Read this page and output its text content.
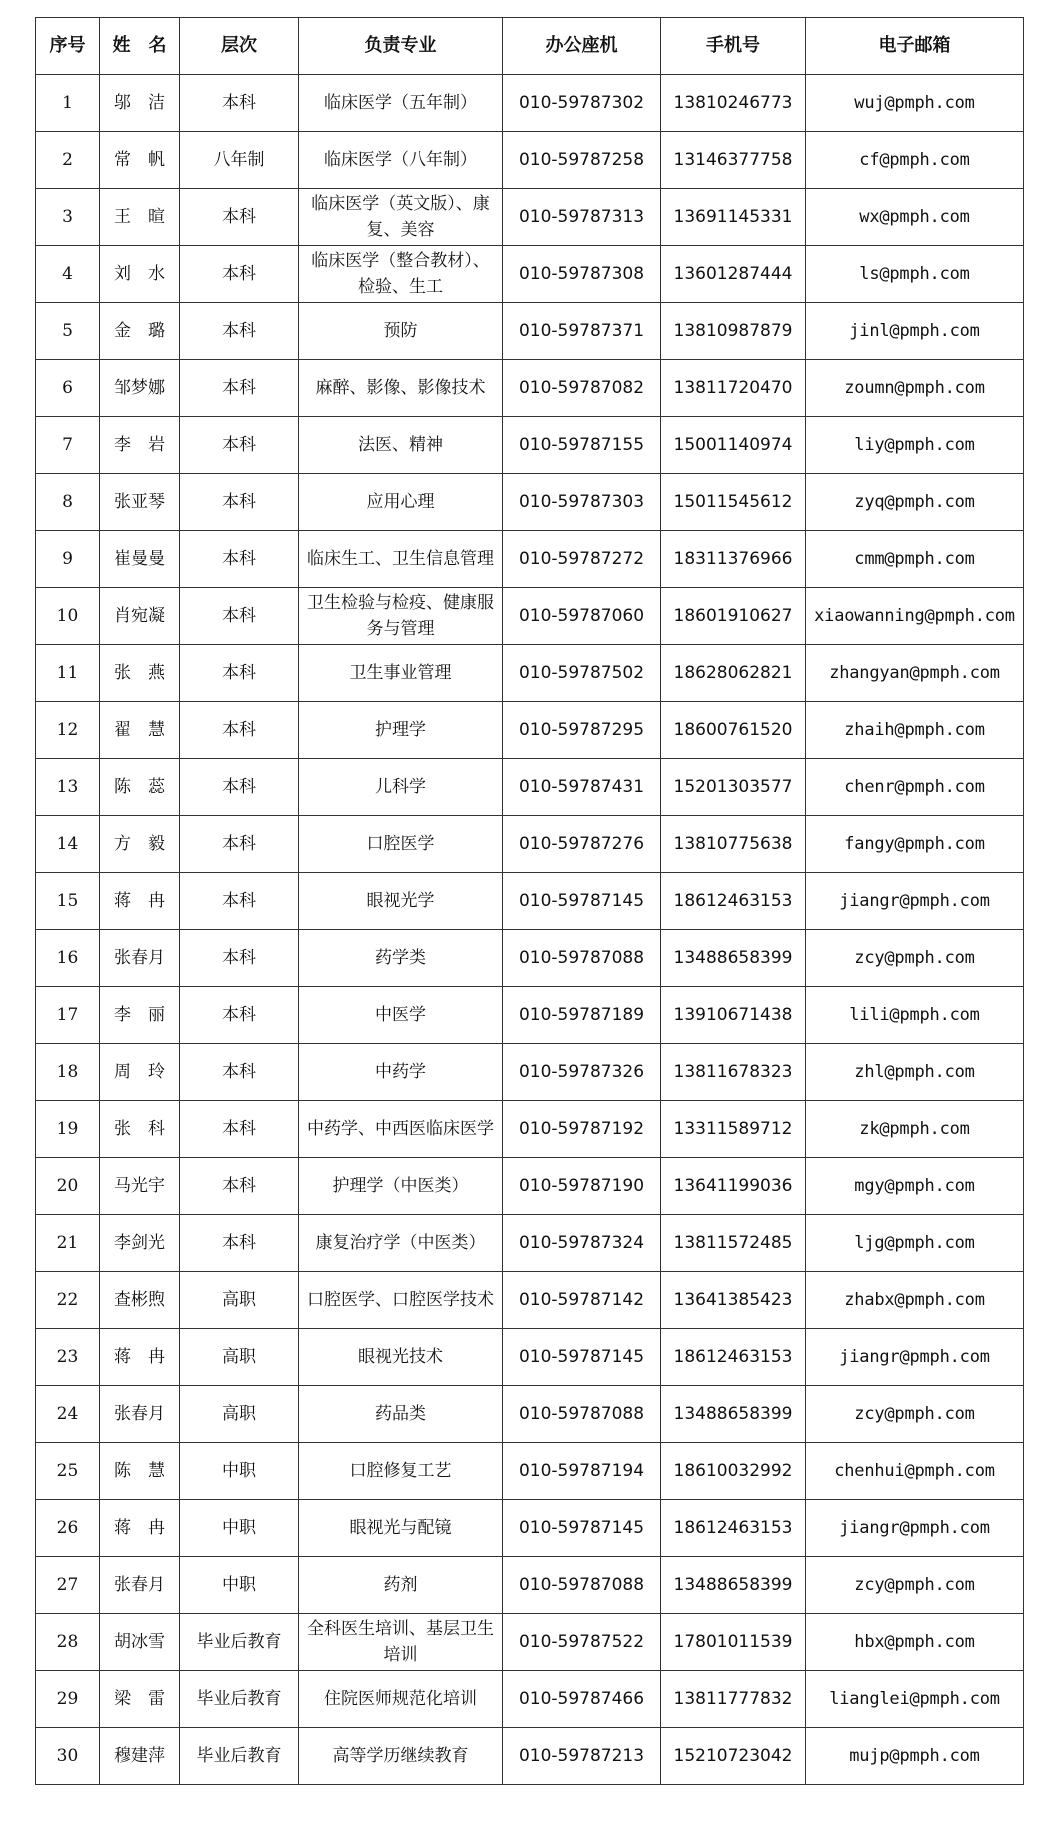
序号	姓　名	层次	负责专业	办公座机	手机号	电子邮箱
1	邬　洁	本科	临床医学（五年制）	010-59787302	13810246773	wuj@pmph.com
2	常　帆	八年制	临床医学（八年制）	010-59787258	13146377758	cf@pmph.com
3	王　暄	本科	临床医学（英文版）、康复、美容	010-59787313	13691145331	wx@pmph.com
4	刘　水	本科	临床医学（整合教材）、检验、生工	010-59787308	13601287444	ls@pmph.com
5	金　璐	本科	预防	010-59787371	13810987879	jinl@pmph.com
6	邹梦娜	本科	麻醉、影像、影像技术	010-59787082	13811720470	zoumn@pmph.com
7	李　岩	本科	法医、精神	010-59787155	15001140974	liy@pmph.com
8	张亚琴	本科	应用心理	010-59787303	15011545612	zyq@pmph.com
9	崔曼曼	本科	临床生工、卫生信息管理	010-59787272	18311376966	cmm@pmph.com
10	肖宛凝	本科	卫生检验与检疫、健康服务与管理	010-59787060	18601910627	xiaowanning@pmph.com
11	张　燕	本科	卫生事业管理	010-59787502	18628062821	zhangyan@pmph.com
12	翟　慧	本科	护理学	010-59787295	18600761520	zhaih@pmph.com
13	陈　蕊	本科	儿科学	010-59787431	15201303577	chenr@pmph.com
14	方　毅	本科	口腔医学	010-59787276	13810775638	fangy@pmph.com
15	蒋　冉	本科	眼视光学	010-59787145	18612463153	jiangr@pmph.com
16	张春月	本科	药学类	010-59787088	13488658399	zcy@pmph.com
17	李　丽	本科	中医学	010-59787189	13910671438	lili@pmph.com
18	周　玲	本科	中药学	010-59787326	13811678323	zhl@pmph.com
19	张　科	本科	中药学、中西医临床医学	010-59787192	13311589712	zk@pmph.com
20	马光宇	本科	护理学（中医类）	010-59787190	13641199036	mgy@pmph.com
21	李剑光	本科	康复治疗学（中医类）	010-59787324	13811572485	ljg@pmph.com
22	查彬煦	高职	口腔医学、口腔医学技术	010-59787142	13641385423	zhabx@pmph.com
23	蒋　冉	高职	眼视光技术	010-59787145	18612463153	jiangr@pmph.com
24	张春月	高职	药品类	010-59787088	13488658399	zcy@pmph.com
25	陈　慧	中职	口腔修复工艺	010-59787194	18610032992	chenhui@pmph.com
26	蒋　冉	中职	眼视光与配镜	010-59787145	18612463153	jiangr@pmph.com
27	张春月	中职	药剂	010-59787088	13488658399	zcy@pmph.com
28	胡冰雪	毕业后教育	全科医生培训、基层卫生培训	010-59787522	17801011539	hbx@pmph.com
29	梁　雷	毕业后教育	住院医师规范化培训	010-59787466	13811777832	lianglei@pmph.com
30	穆建萍	毕业后教育	高等学历继续教育	010-59787213	15210723042	mujp@pmph.com
